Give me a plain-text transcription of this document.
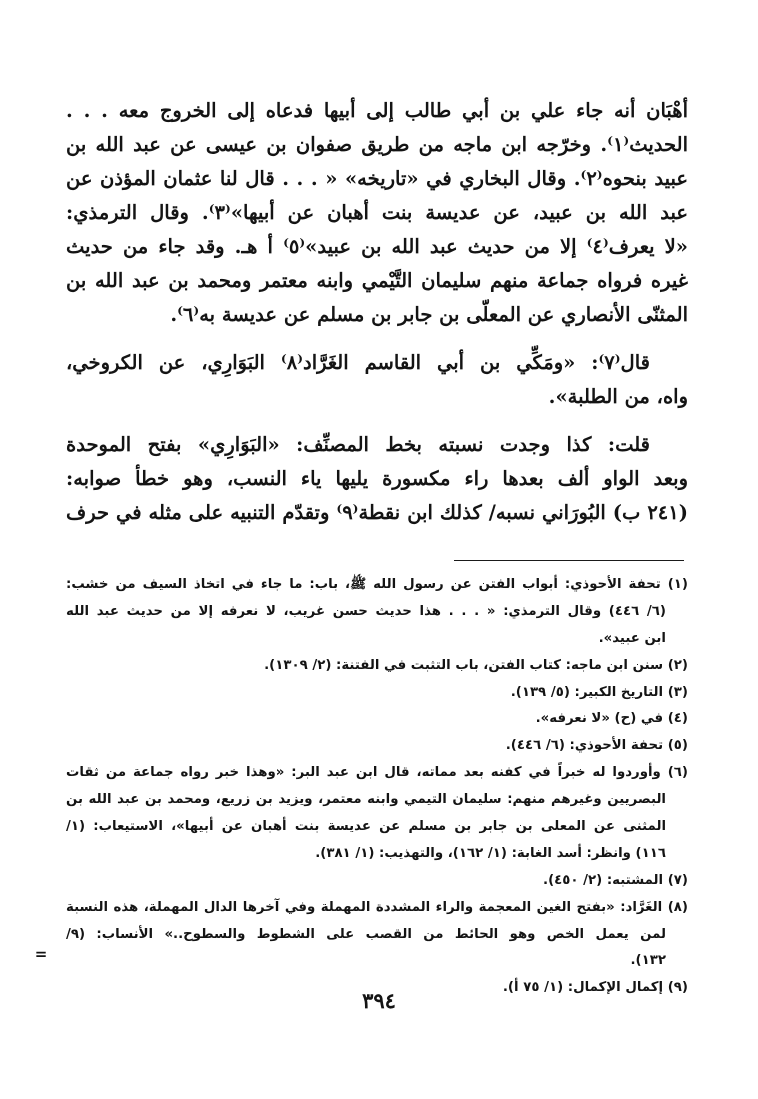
أهْبَان أنه جاء علي بن أبي طالب إلى أبيها فدعاه إلى الخروج معه . . .
الحديث⁽١⁾. وخرّجه ابن ماجه من طريق صفوان بن عيسى عن عبد الله بن
عبيد بنحوه⁽٢⁾. وقال البخاري في «تاريخه» « . . . قال لنا عثمان المؤذن عن
عبد الله بن عبيد، عن عديسة بنت أهبان عن أبيها»⁽٣⁾. وقال الترمذي:
«لا يعرف⁽٤⁾ إلا من حديث عبد الله بن عبيد»⁽٥⁾ أ هـ. وقد جاء من حديث
غيره فرواه جماعة منهم سليمان التَّيْمي وابنه معتمر ومحمد بن عبد الله بن
المثنّى الأنصاري عن المعلّى بن جابر بن مسلم عن عديسة به⁽٦⁾.
قال⁽٧⁾: «ومَكِّي بن أبي القاسم الغَرَّاد⁽٨⁾ البَوَارِي، عن الكروخي،
واه، من الطلبة».
قلت: كذا وجدت نسبته بخط المصنِّف: «البَوَارِي» بفتح الموحدة
وبعد الواو ألف بعدها راء مكسورة يليها ياء النسب، وهو خطأ صوابه:
(٢٤١ ب) البُورَاني نسبه/ كذلك ابن نقطة⁽٩⁾ وتقدّم التنبيه على مثله في حرف
(١) تحفة الأحوذي: أبواب الفتن عن رسول الله ﷺ، باب: ما جاء في اتخاذ السيف من خشب:
(٦/ ٤٤٦) وقال الترمذي: « . . . هذا حديث حسن غريب، لا نعرفه إلا من حديث عبد الله
ابن عبيد».
(٢) سنن ابن ماجه: كتاب الفتن، باب التثبت في الفتنة: (٢/ ١٣٠٩).
(٣) التاريخ الكبير: (٥/ ١٣٩).
(٤) في (ح) «لا نعرفه».
(٥) تحفة الأحوذي: (٦/ ٤٤٦).
(٦) وأوردوا له خبراً في كفنه بعد مماته، قال ابن عبد البر: «وهذا خبر رواه جماعة من ثقات
البصريين وغيرهم منهم: سليمان التيمي وابنه معتمر، ويزيد بن زريع، ومحمد بن عبد الله بن
المثنى عن المعلى بن جابر بن مسلم عن عديسة بنت أهبان عن أبيها»، الاستيعاب: (١/
١١٦) وانظر: أسد الغابة: (١/ ١٦٢)، والتهذيب: (١/ ٣٨١).
(٧) المشتبه: (٢/ ٤٥٠).
(٨) الغَرَّاد: «بفتح الغين المعجمة والراء المشددة المهملة وفي آخرها الدال المهملة، هذه النسبة
لمن يعمل الخص وهو الحائط من القصب على الشطوط والسطوح..» الأنساب: (٩/
١٣٢).
(٩) إكمال الإكمال: (١/ ٧٥ أ).
=
٣٩٤
